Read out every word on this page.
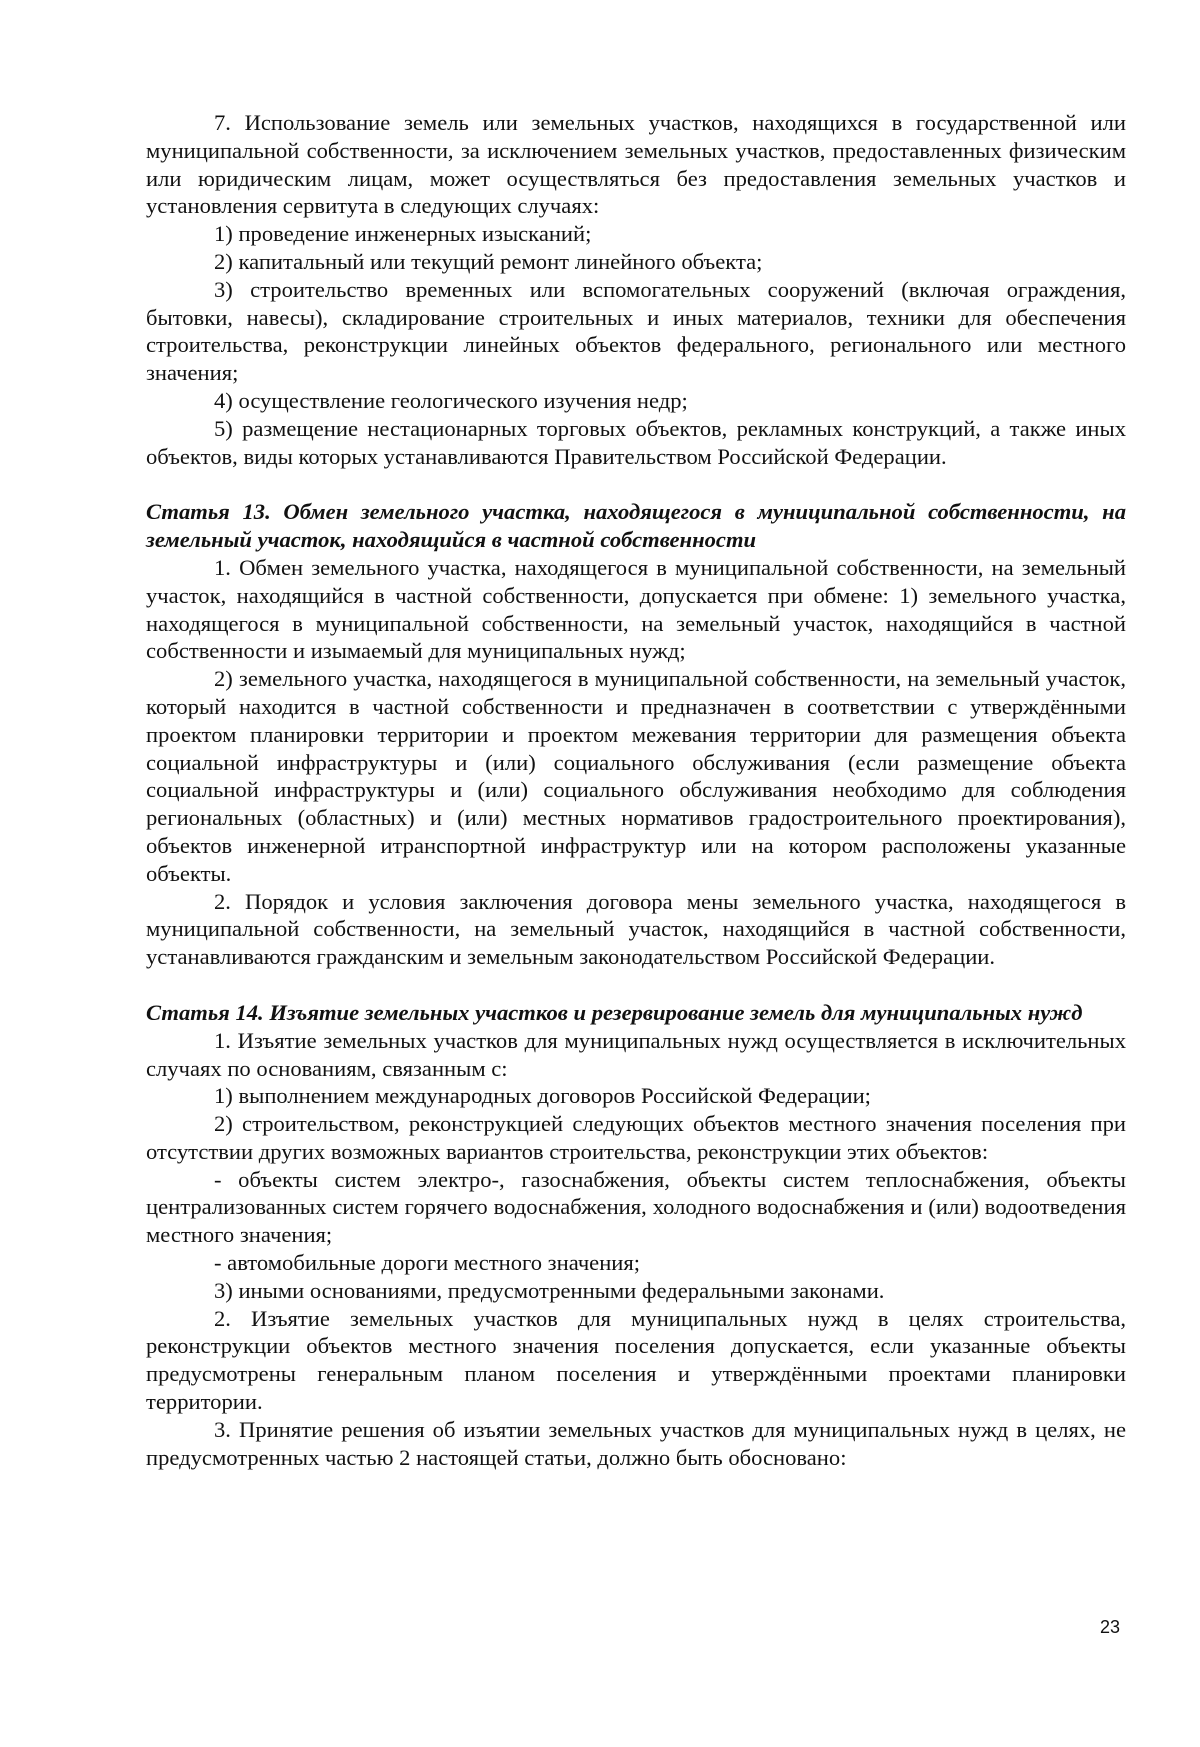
7. Использование земель или земельных участков, находящихся в государственной или муниципальной собственности, за исключением земельных участков, предоставленных физическим или юридическим лицам, может осуществляться без предоставления земельных участков и установления сервитута в следующих случаях:

1) проведение инженерных изысканий;

2) капитальный или текущий ремонт линейного объекта;

3) строительство временных или вспомогательных сооружений (включая ограждения, бытовки, навесы), складирование строительных и иных материалов, техники для обеспечения строительства, реконструкции линейных объектов федерального, регионального или местного значения;

4) осуществление геологического изучения недр;

5) размещение нестационарных торговых объектов, рекламных конструкций, а также иных объектов, виды которых устанавливаются Правительством Российской Федерации.

Статья 13. Обмен земельного участка, находящегося в муниципальной собственности, на земельный участок, находящийся в частной собственности

1. Обмен земельного участка, находящегося в муниципальной собственности, на земельный участок, находящийся в частной собственности, допускается при обмене: 1) земельного участка, находящегося в муниципальной собственности, на земельный участок, находящийся в частной собственности и изымаемый для муниципальных нужд;

2) земельного участка, находящегося в муниципальной собственности, на земельный участок, который находится в частной собственности и предназначен в соответствии с утверждёнными проектом планировки территории и проектом межевания территории для размещения объекта социальной инфраструктуры и (или) социального обслуживания (если размещение объекта социальной инфраструктуры и (или) социального обслуживания необходимо для соблюдения региональных (областных) и (или) местных нормативов градостроительного проектирования), объектов инженерной итранспортной инфраструктур или на котором расположены указанные объекты.

2. Порядок и условия заключения договора мены земельного участка, находящегося в муниципальной собственности, на земельный участок, находящийся в частной собственности, устанавливаются гражданским и земельным законодательством Российской Федерации.

Статья 14. Изъятие земельных участков и резервирование земель для муниципальных нужд

1. Изъятие земельных участков для муниципальных нужд осуществляется в исключительных случаях по основаниям, связанным с:

1) выполнением международных договоров Российской Федерации;

2) строительством, реконструкцией следующих объектов местного значения поселения при отсутствии других возможных вариантов строительства, реконструкции этих объектов:

- объекты систем электро-, газоснабжения, объекты систем теплоснабжения, объекты централизованных систем горячего водоснабжения, холодного водоснабжения и (или) водоотведения местного значения;

- автомобильные дороги местного значения;

3) иными основаниями, предусмотренными федеральными законами.

2. Изъятие земельных участков для муниципальных нужд в целях строительства, реконструкции объектов местного значения поселения допускается, если указанные объекты предусмотрены генеральным планом поселения и утверждёнными проектами планировки территории.

3. Принятие решения об изъятии земельных участков для муниципальных нужд в целях, не предусмотренных частью 2 настоящей статьи, должно быть обосновано:

23
